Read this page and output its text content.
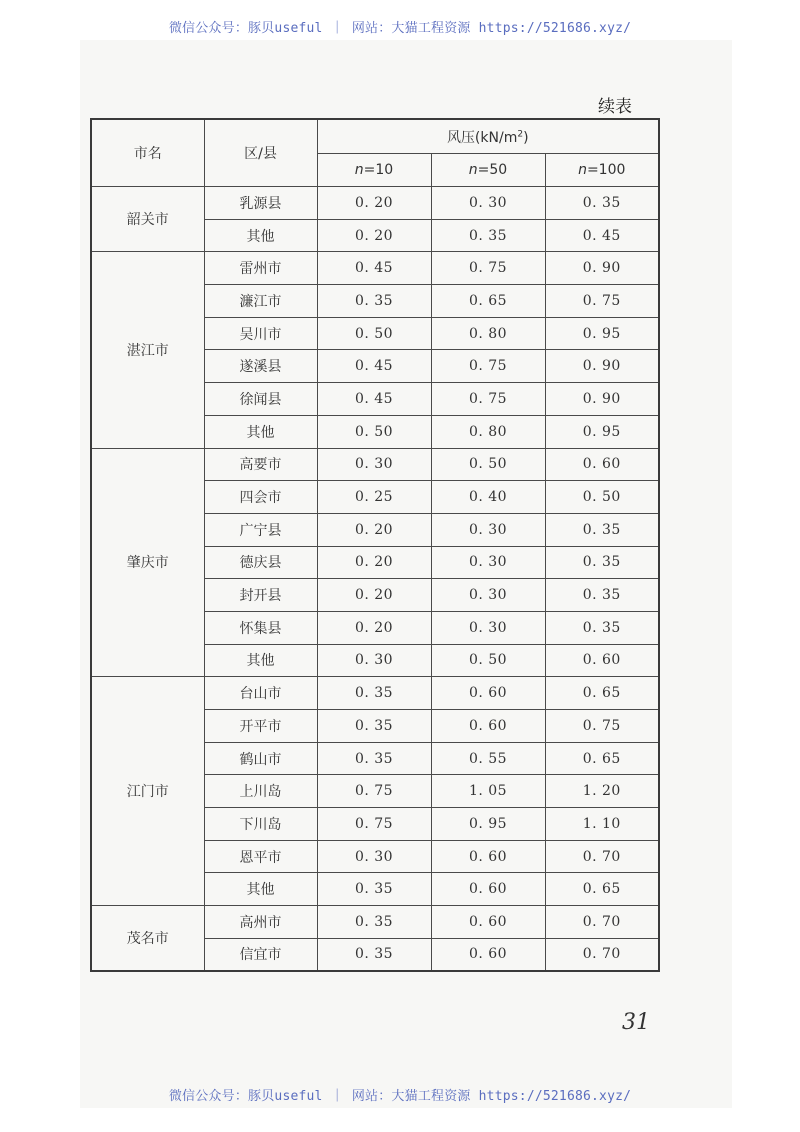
微信公众号：豚贝useful ｜ 网站：大猫工程资源 https://521686.xyz/
续表
市名	区/县	风压$(kN/m^2)$		
		n=10	n=50	n=100
韶关市	乳源县	0. 20	0. 30	0. 35
	其他	0. 20	0. 35	0. 45
湛江市	雷州市	0. 45	0. 75	0. 90
	濂江市	0. 35	0. 65	0. 75
	吴川市	0. 50	0. 80	0. 95
	遂溪县	0. 45	0. 75	0. 90
	徐闻县	0. 45	0. 75	0. 90
	其他	0. 50	0. 80	0. 95
肇庆市	高要市	0. 30	0. 50	0. 60
	四会市	0. 25	0. 40	0. 50
	广宁县	0. 20	0. 30	0. 35
	德庆县	0. 20	0. 30	0. 35
	封开县	0. 20	0. 30	0. 35
	怀集县	0. 20	0. 30	0. 35
	其他	0. 30	0. 50	0. 60
江门市	台山市	0. 35	0. 60	0. 65
	开平市	0. 35	0. 60	0. 75
	鹤山市	0. 35	0. 55	0. 65
	上川岛	0. 75	1. 05	1. 20
	下川岛	0. 75	0. 95	1. 10
	恩平市	0. 30	0. 60	0. 70
	其他	0. 35	0. 60	0. 65
茂名市	高州市	0. 35	0. 60	0. 70
	信宜市	0. 35	0. 60	0. 70
31
微信公众号：豚贝useful ｜ 网站：大猫工程资源 https://521686.xyz/
